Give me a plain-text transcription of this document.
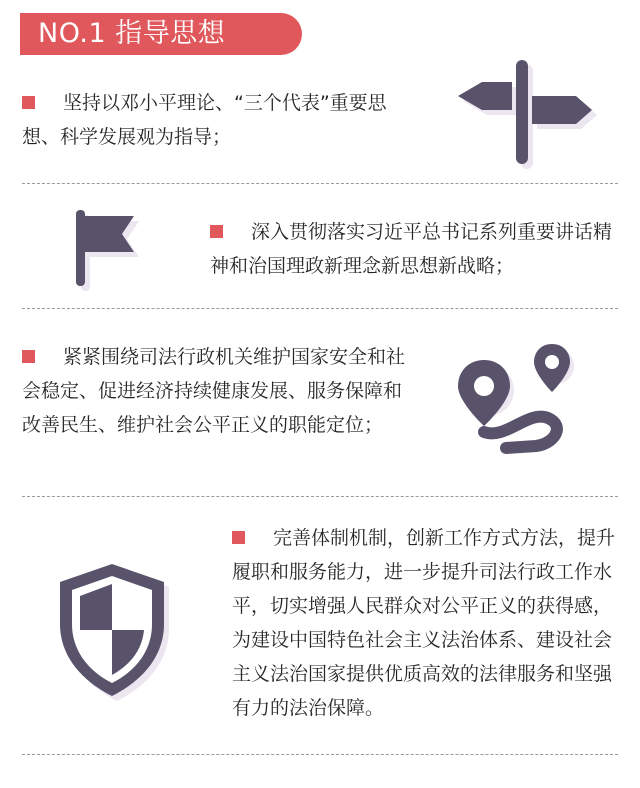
NO.1 指导思想

坚持以邓小平理论、“三个代表”重要思想、科学发展观为指导；

深入贯彻落实习近平总书记系列重要讲话精神和治国理政新理念新思想新战略；

紧紧围绕司法行政机关维护国家安全和社会稳定、促进经济持续健康发展、服务保障和改善民生、维护社会公平正义的职能定位；

完善体制机制，创新工作方式方法，提升履职和服务能力，进一步提升司法行政工作水平，切实增强人民群众对公平正义的获得感，为建设中国特色社会主义法治体系、建设社会主义法治国家提供优质高效的法律服务和坚强有力的法治保障。
